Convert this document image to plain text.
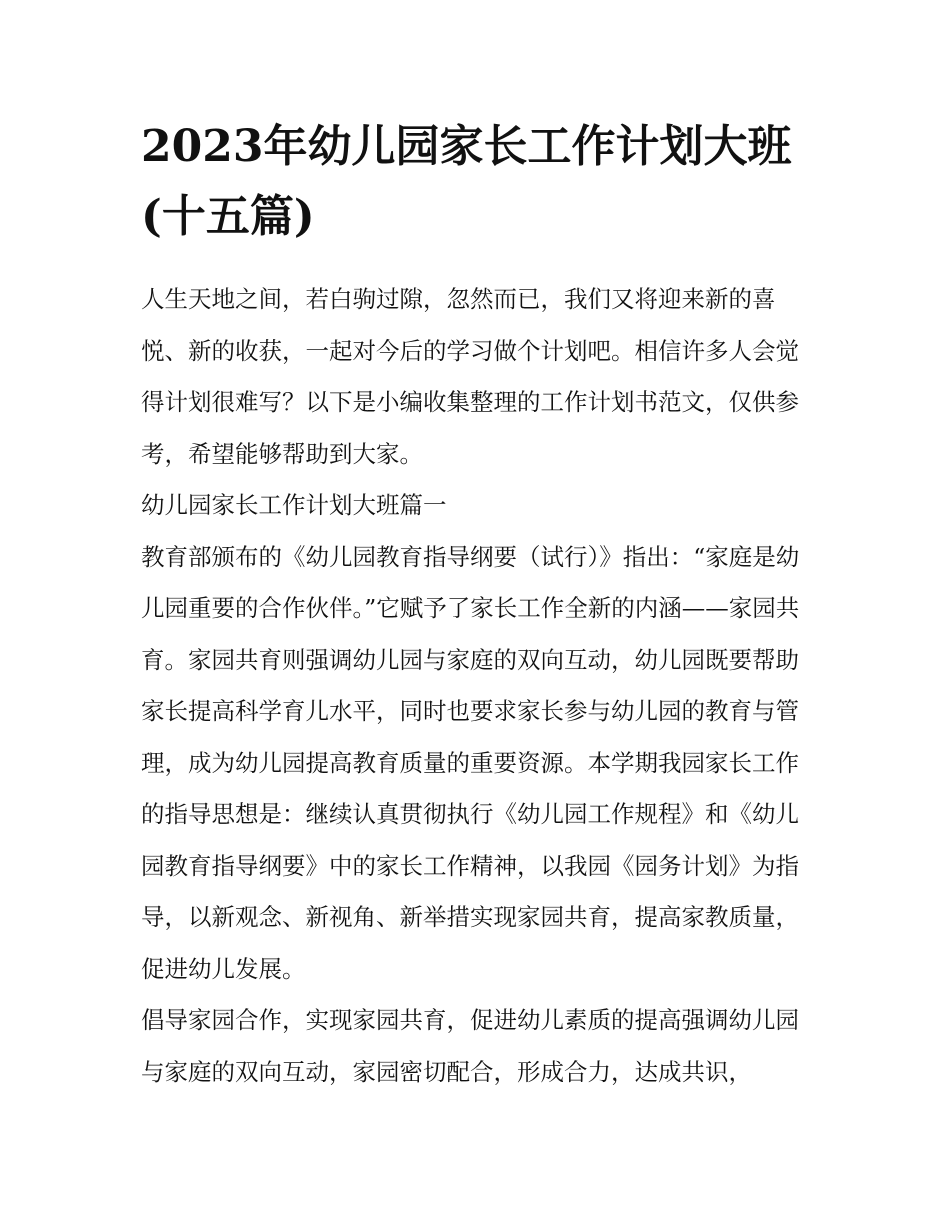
2023年幼儿园家长工作计划大班(十五篇)

人生天地之间，若白驹过隙，忽然而已，我们又将迎来新的喜悦、新的收获，一起对今后的学习做个计划吧。相信许多人会觉得计划很难写？以下是小编收集整理的工作计划书范文，仅供参考，希望能够帮助到大家。

幼儿园家长工作计划大班篇一

教育部颁布的《幼儿园教育指导纲要（试行）》指出：“家庭是幼儿园重要的合作伙伴。”它赋予了家长工作全新的内涵——家园共育。家园共育则强调幼儿园与家庭的双向互动，幼儿园既要帮助家长提高科学育儿水平，同时也要求家长参与幼儿园的教育与管理，成为幼儿园提高教育质量的重要资源。本学期我园家长工作的指导思想是：继续认真贯彻执行《幼儿园工作规程》和《幼儿园教育指导纲要》中的家长工作精神，以我园《园务计划》为指导，以新观念、新视角、新举措实现家园共育，提高家教质量，促进幼儿发展。

倡导家园合作，实现家园共育，促进幼儿素质的提高强调幼儿园与家庭的双向互动，家园密切配合，形成合力，达成共识，
